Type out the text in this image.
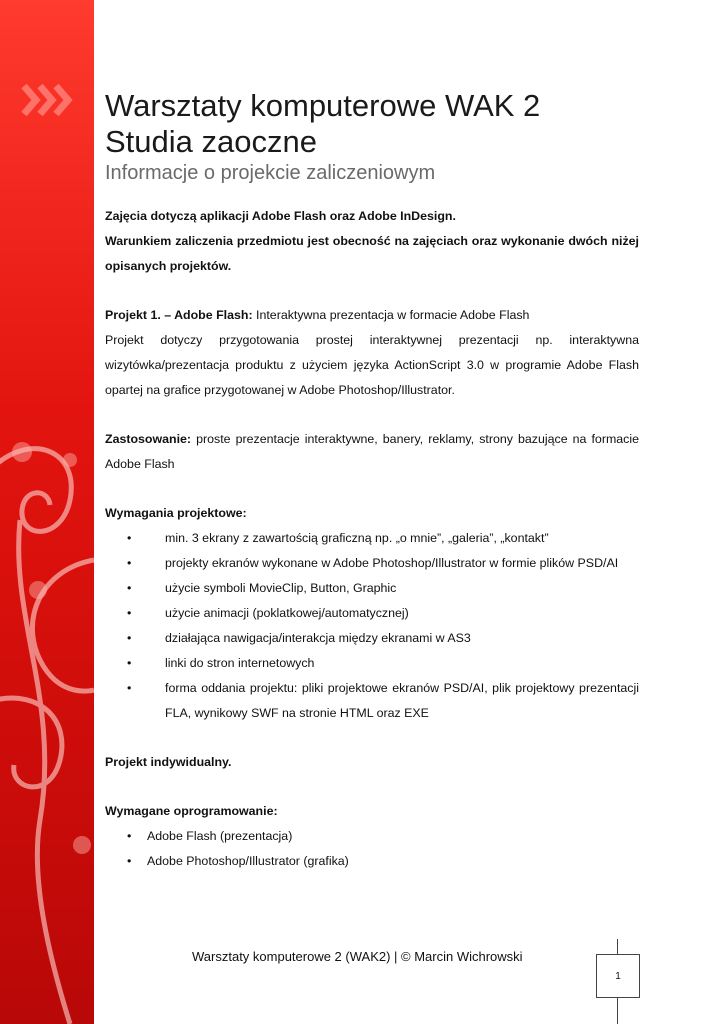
Warsztaty komputerowe WAK 2
Studia zaoczne
Informacje o projekcie zaliczeniowym

Zajęcia dotyczą aplikacji Adobe Flash oraz Adobe InDesign.

Warunkiem zaliczenia przedmiotu jest obecność na zajęciach oraz wykonanie dwóch niżej opisanych projektów.

Projekt 1. – Adobe Flash: Interaktywna prezentacja w formacie Adobe Flash

Projekt dotyczy przygotowania prostej interaktywnej prezentacji np. interaktywna wizytówka/prezentacja produktu z użyciem języka ActionScript 3.0 w programie Adobe Flash opartej na grafice przygotowanej w Adobe Photoshop/Illustrator.

Zastosowanie: proste prezentacje interaktywne, banery, reklamy, strony bazujące na formacie Adobe Flash

Wymagania projektowe:

•	min. 3 ekrany z zawartością graficzną np. „o mnie”, „galeria”, „kontakt”
•	projekty ekranów wykonane w Adobe Photoshop/Illustrator w formie plików PSD/AI
•	użycie symboli MovieClip, Button, Graphic
•	użycie animacji (poklatkowej/automatycznej)
•	działająca nawigacja/interakcja między ekranami w AS3
•	linki do stron internetowych
•	forma oddania projektu: pliki projektowe ekranów PSD/AI, plik projektowy prezentacji FLA, wynikowy SWF na stronie HTML oraz EXE

Projekt indywidualny.

Wymagane oprogramowanie:

• Adobe Flash (prezentacja)
• Adobe Photoshop/Illustrator (grafika)
Warsztaty komputerowe 2 (WAK2) | © Marcin Wichrowski
1
